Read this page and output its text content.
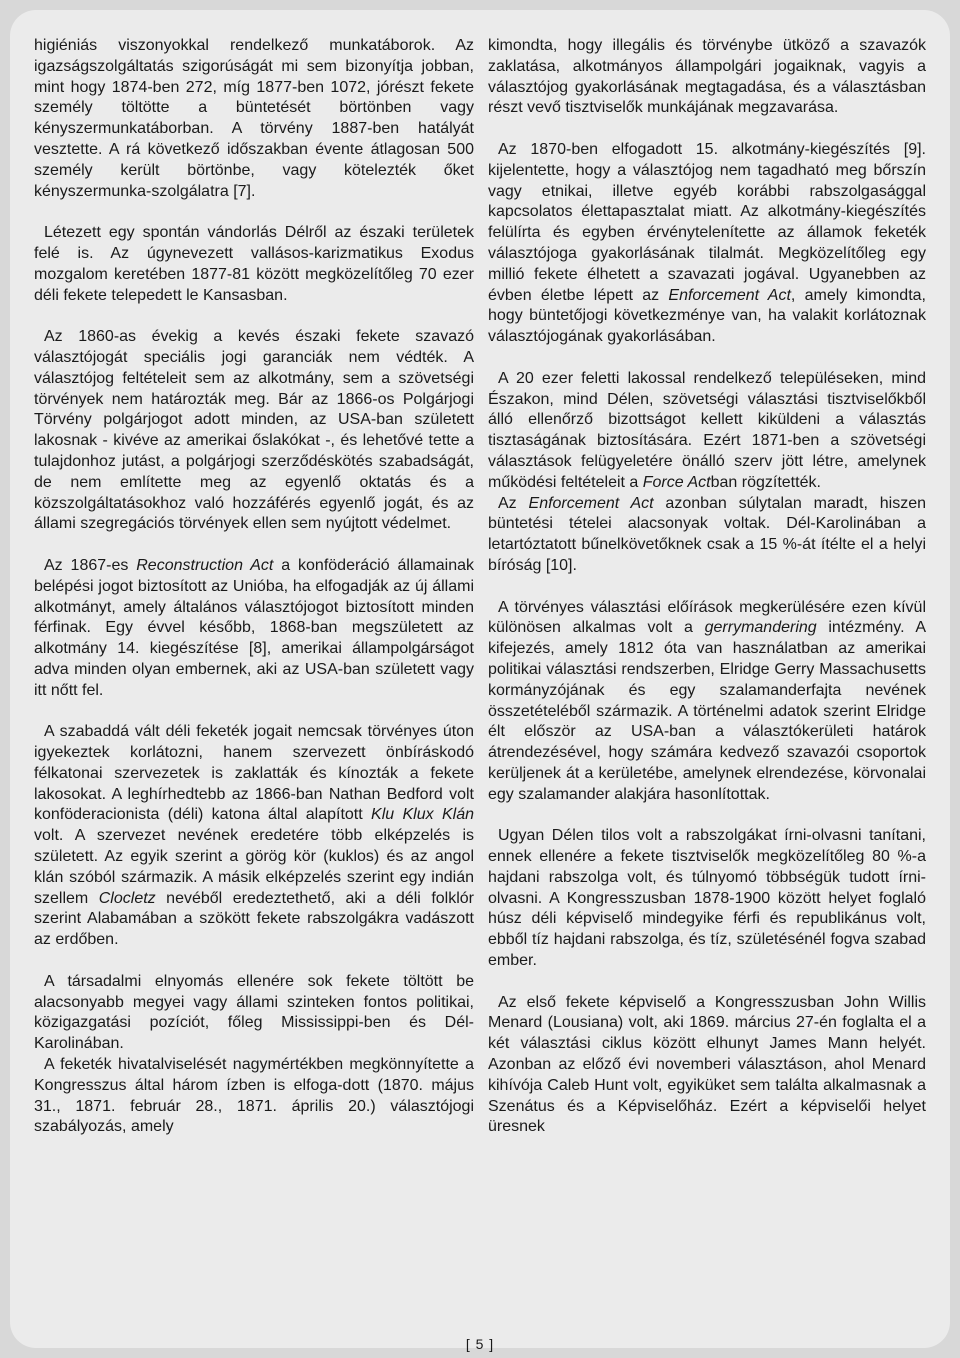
higiéniás viszonyokkal rendelkező munkatáborok. Az igazságszolgáltatás szigorúságát mi sem bizonyítja jobban, mint hogy 1874-ben 272, míg 1877-ben 1072, jórészt fekete személy töltötte a büntetését börtönben vagy kényszermunkatáborban. A törvény 1887-ben hatályát vesztette. A rá következő időszakban évente átlagosan 500 személy került börtönbe, vagy kötelezték őket kényszermunka-szolgálatra [7].

Létezett egy spontán vándorlás Délről az északi területek felé is. Az úgynevezett vallásos-karizmatikus Exodus mozgalom keretében 1877-81 között megközelítőleg 70 ezer déli fekete telepedett le Kansasban.

Az 1860-as évekig a kevés északi fekete szavazó választójogát speciális jogi garanciák nem védték. A választójog feltételeit sem az alkotmány, sem a szövetségi törvények nem határozták meg. Bár az 1866-os Polgárjogi Törvény polgárjogot adott minden, az USA-ban született lakosnak - kivéve az amerikai őslakókat -, és lehetővé tette a tulajdonhoz jutást, a polgárjogi szerződéskötés szabadságát, de nem említette meg az egyenlő oktatás és a közszolgáltatásokhoz való hozzáférés egyenlő jogát, és az állami szegregációs törvények ellen sem nyújtott védelmet.

Az 1867-es Reconstruction Act a konföderáció államainak belépési jogot biztosított az Unióba, ha elfogadják az új állami alkotmányt, amely általános választójogot biztosított minden férfinak. Egy évvel később, 1868-ban megszületett az alkotmány 14. kiegészítése [8], amerikai állampolgárságot adva minden olyan embernek, aki az USA-ban született vagy itt nőtt fel.

A szabaddá vált déli feketék jogait nemcsak törvényes úton igyekeztek korlátozni, hanem szervezett önbíráskodó félkatonai szervezetek is zaklatták és kínozták a fekete lakosokat. A leghírhedtebb az 1866-ban Nathan Bedford volt konföderacionista (déli) katona által alapított Klu Klux Klán volt. A szervezet nevének eredetére több elképzelés is született. Az egyik szerint a görög kör (kuklos) és az angol klán szóból származik. A másik elképzelés szerint egy indián szellem Clocletz nevéből eredeztethető, aki a déli folklór szerint Alabamában a szökött fekete rabszolgákra vadászott az erdőben.

A társadalmi elnyomás ellenére sok fekete töltött be alacsonyabb megyei vagy állami szinteken fontos politikai, közigazgatási pozíciót, főleg Mississippi-ben és Dél-Karolinában.

A feketék hivatalviselését nagymértékben megkönnyítette a Kongresszus által három ízben is elfoga-dott (1870. május 31., 1871. február 28., 1871. április 20.) választójogi szabályozás, amely

kimondta, hogy illegális és törvénybe ütköző a szavazók zaklatása, alkotmányos állampolgári jogaiknak, vagyis a választójog gyakorlásának megtagadása, és a választásban részt vevő tisztviselők munkájának megzavarása.

Az 1870-ben elfogadott 15. alkotmány-kiegészítés [9]. kijelentette, hogy a választójog nem tagadható meg bőrszín vagy etnikai, illetve egyéb korábbi rabszolgasággal kapcsolatos élettapasztalat miatt. Az alkotmány-kiegészítés felülírta és egyben érvénytelenítette az államok feketék választójoga gyakorlásának tilalmát. Megközelítőleg egy millió fekete élhetett a szavazati jogával. Ugyanebben az évben életbe lépett az Enforcement Act, amely kimondta, hogy büntetőjogi következménye van, ha valakit korlátoznak választójogának gyakorlásában.

A 20 ezer feletti lakossal rendelkező településeken, mind Északon, mind Délen, szövetségi választási tisztviselőkből álló ellenőrző bizottságot kellett kiküldeni a választás tisztaságának biztosítására. Ezért 1871-ben a szövetségi választások felügyeletére önálló szerv jött létre, amelynek működési feltételeit a Force Actban rögzítették.

Az Enforcement Act azonban súlytalan maradt, hiszen büntetési tételei alacsonyak voltak. Dél-Karolinában a letartóztatott bűnelkövetőknek csak a 15 %-át ítélte el a helyi bíróság [10].

A törvényes választási előírások megkerülésére ezen kívül különösen alkalmas volt a gerrymandering intézmény. A kifejezés, amely 1812 óta van használatban az amerikai politikai választási rendszerben, Elridge Gerry Massachusetts kormányzójának és egy szalamanderfajta nevének összetételéből származik. A történelmi adatok szerint Elridge élt először az USA-ban a választókerületi határok átrendezésével, hogy számára kedvező szavazói csoportok kerüljenek át a kerületébe, amelynek elrendezése, körvonalai egy szalamander alakjára hasonlítottak.

Ugyan Délen tilos volt a rabszolgákat írni-olvasni tanítani, ennek ellenére a fekete tisztviselők megközelítőleg 80 %-a hajdani rabszolga volt, és túlnyomó többségük tudott írni-olvasni. A Kongresszusban 1878-1900 között helyet foglaló húsz déli képviselő mindegyike férfi és republikánus volt, ebből tíz hajdani rabszolga, és tíz, születésénél fogva szabad ember.

Az első fekete képviselő a Kongresszusban John Willis Menard (Lousiana) volt, aki 1869. március 27-én foglalta el a két választási ciklus között elhunyt James Mann helyét. Azonban az előző évi novemberi választáson, ahol Menard kihívója Caleb Hunt volt, egyiküket sem találta alkalmasnak a Szenátus és a Képviselőház. Ezért a képviselői helyet üresnek

[ 5 ]
